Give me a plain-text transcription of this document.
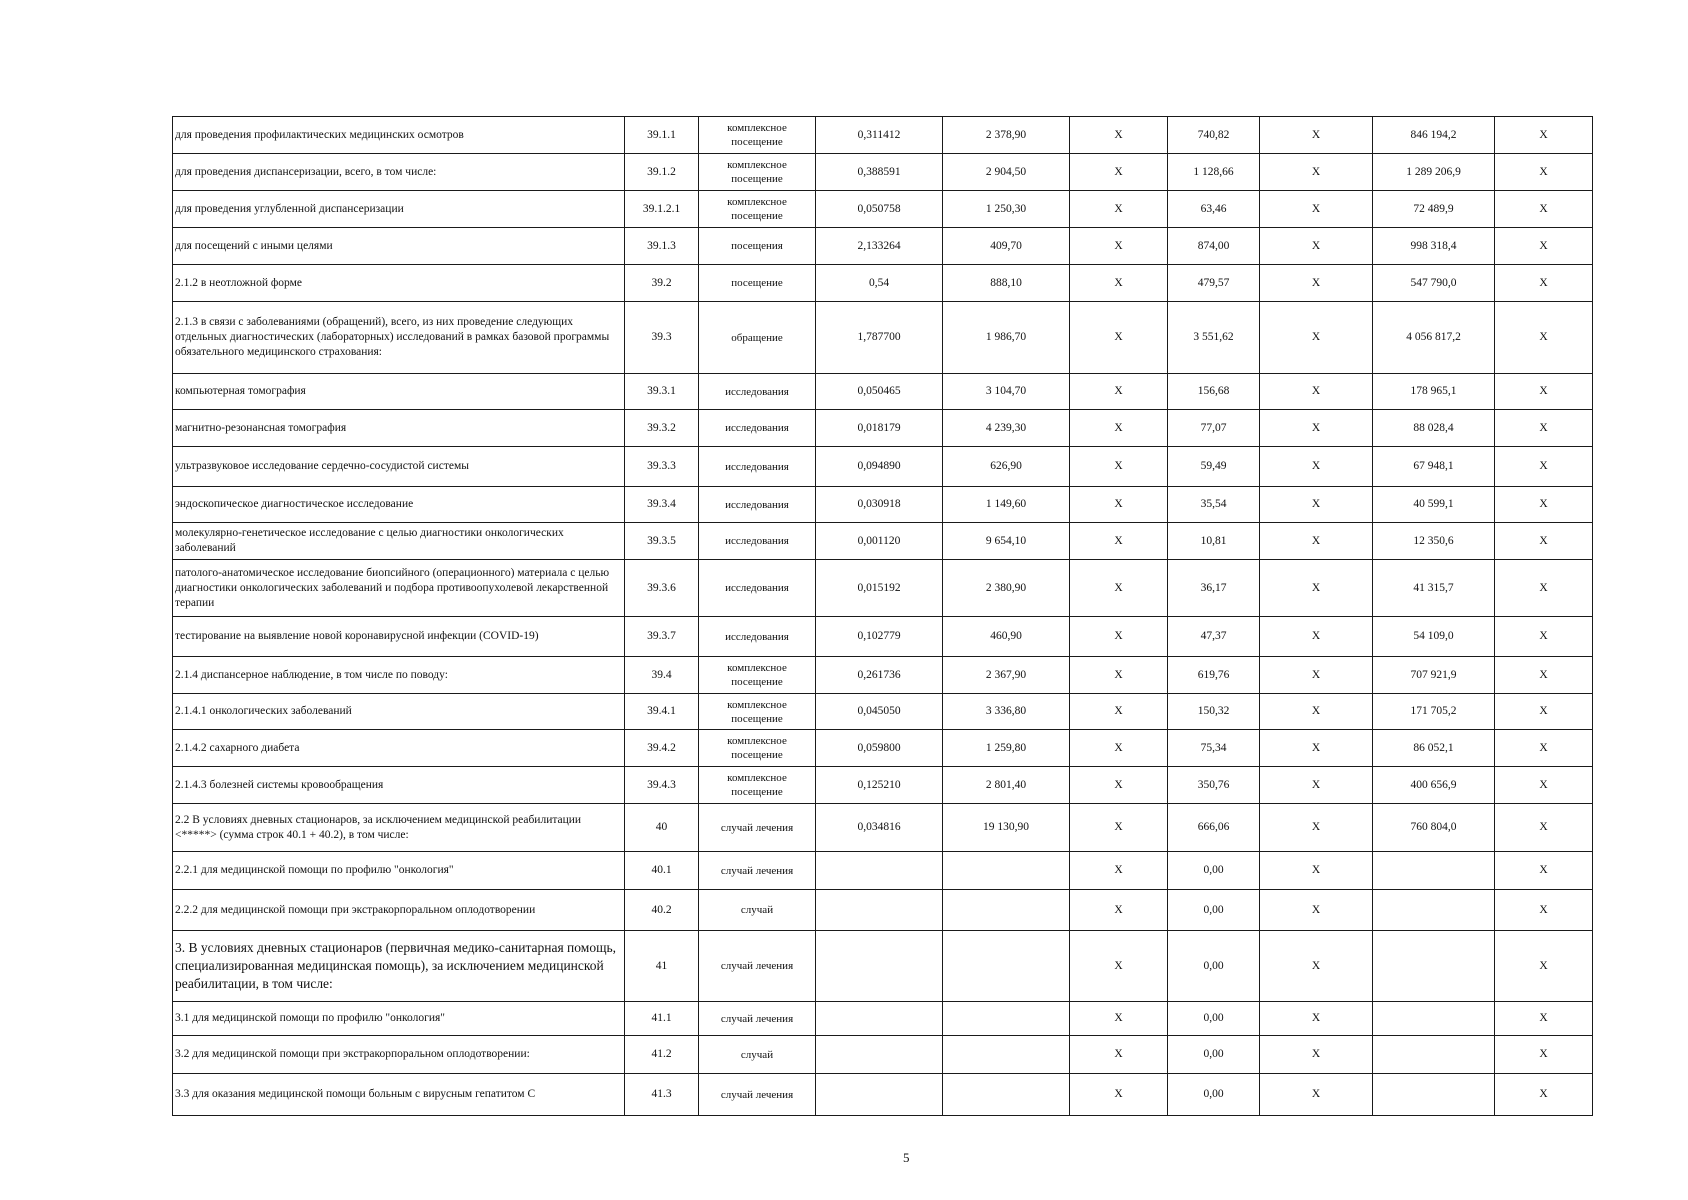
для проведения профилактических медицинских осмотров	39.1.1	комплексное посещение	0,311412	2 378,90	Х	740,82	Х	846 194,2	Х
для проведения диспансеризации, всего, в том числе:	39.1.2	комплексное посещение	0,388591	2 904,50	Х	1 128,66	Х	1 289 206,9	Х
для проведения углубленной диспансеризации	39.1.2.1	комплексное посещение	0,050758	1 250,30	Х	63,46	Х	72 489,9	Х
для посещений с иными целями	39.1.3	посещения	2,133264	409,70	Х	874,00	Х	998 318,4	Х
2.1.2 в неотложной форме	39.2	посещение	0,54	888,10	Х	479,57	Х	547 790,0	Х
2.1.3 в связи с заболеваниями (обращений), всего, из них проведение следующих отдельных диагностических (лабораторных) исследований в рамках базовой программы обязательного медицинского страхования:	39.3	обращение	1,787700	1 986,70	Х	3 551,62	Х	4 056 817,2	Х
компьютерная томография	39.3.1	исследования	0,050465	3 104,70	Х	156,68	Х	178 965,1	Х
магнитно-резонансная томография	39.3.2	исследования	0,018179	4 239,30	Х	77,07	Х	88 028,4	Х
ультразвуковое исследование сердечно-сосудистой системы	39.3.3	исследования	0,094890	626,90	Х	59,49	Х	67 948,1	Х
эндоскопическое диагностическое исследование	39.3.4	исследования	0,030918	1 149,60	Х	35,54	Х	40 599,1	Х
молекулярно-генетическое исследование с целью диагностики онкологических заболеваний	39.3.5	исследования	0,001120	9 654,10	Х	10,81	Х	12 350,6	Х
патолого-анатомическое исследование биопсийного (операционного) материала с целью диагностики онкологических заболеваний и подбора противоопухолевой лекарственной терапии	39.3.6	исследования	0,015192	2 380,90	Х	36,17	Х	41 315,7	Х
тестирование на выявление новой коронавирусной инфекции (COVID-19)	39.3.7	исследования	0,102779	460,90	Х	47,37	Х	54 109,0	Х
2.1.4 диспансерное наблюдение, в том числе по поводу:	39.4	комплексное посещение	0,261736	2 367,90	Х	619,76	Х	707 921,9	Х
2.1.4.1 онкологических заболеваний	39.4.1	комплексное посещение	0,045050	3 336,80	Х	150,32	Х	171 705,2	Х
2.1.4.2 сахарного диабета	39.4.2	комплексное посещение	0,059800	1 259,80	Х	75,34	Х	86 052,1	Х
2.1.4.3 болезней системы кровообращения	39.4.3	комплексное посещение	0,125210	2 801,40	Х	350,76	Х	400 656,9	Х
2.2 В условиях дневных стационаров, за исключением медицинской реабилитации <*****> (сумма строк 40.1 + 40.2), в том числе:	40	случай лечения	0,034816	19 130,90	Х	666,06	Х	760 804,0	Х
2.2.1 для медицинской помощи по профилю "онкология"	40.1	случай лечения			Х	0,00	Х		Х
2.2.2 для медицинской помощи при экстракорпоральном оплодотворении	40.2	случай			Х	0,00	Х		Х
3. В условиях дневных стационаров (первичная медико-санитарная помощь, специализированная медицинская помощь), за исключением медицинской реабилитации, в том числе:	41	случай лечения			Х	0,00	Х		Х
3.1 для медицинской помощи по профилю "онкология"	41.1	случай лечения			Х	0,00	Х		Х
3.2 для медицинской помощи при экстракорпоральном оплодотворении:	41.2	случай			Х	0,00	Х		Х
3.3 для оказания медицинской помощи больным с вирусным гепатитом С	41.3	случай лечения			Х	0,00	Х		Х
5
